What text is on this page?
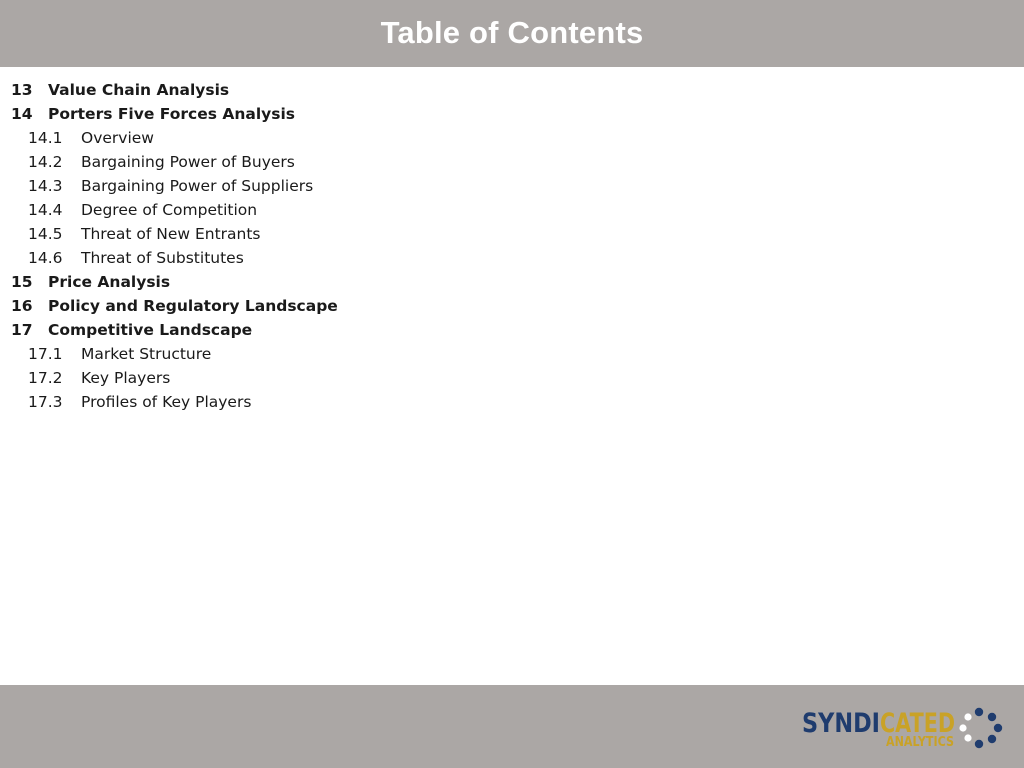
Table of Contents
13 Value Chain Analysis
14 Porters Five Forces Analysis
14.1 Overview
14.2 Bargaining Power of Buyers
14.3 Bargaining Power of Suppliers
14.4 Degree of Competition
14.5 Threat of New Entrants
14.6 Threat of Substitutes
15 Price Analysis
16 Policy and Regulatory Landscape
17 Competitive Landscape
17.1 Market Structure
17.2 Key Players
17.3 Profiles of Key Players
SYNDI CATED
ANALYTICS
